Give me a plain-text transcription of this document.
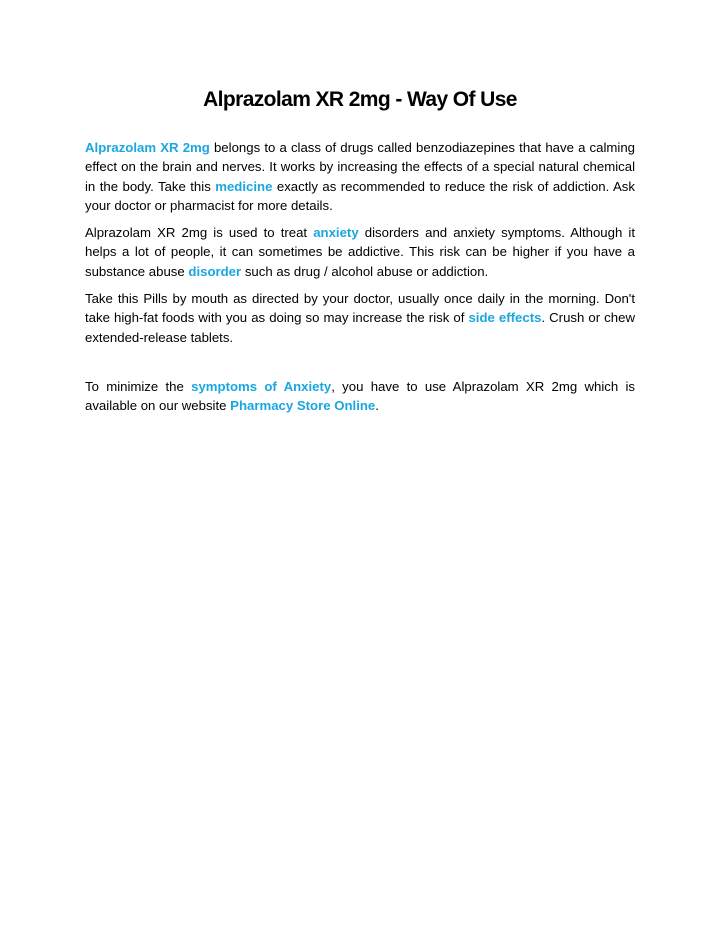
Alprazolam XR 2mg - Way Of Use

Alprazolam XR 2mg belongs to a class of drugs called benzodiazepines that have a calming effect on the brain and nerves. It works by increasing the effects of a special natural chemical in the body. Take this medicine exactly as recommended to reduce the risk of addiction. Ask your doctor or pharmacist for more details.

Alprazolam XR 2mg is used to treat anxiety disorders and anxiety symptoms. Although it helps a lot of people, it can sometimes be addictive. This risk can be higher if you have a substance abuse disorder such as drug / alcohol abuse or addiction.

Take this Pills by mouth as directed by your doctor, usually once daily in the morning. Don't take high-fat foods with you as doing so may increase the risk of side effects. Crush or chew extended-release tablets.

To minimize the symptoms of Anxiety, you have to use Alprazolam XR 2mg which is available on our website Pharmacy Store Online.
